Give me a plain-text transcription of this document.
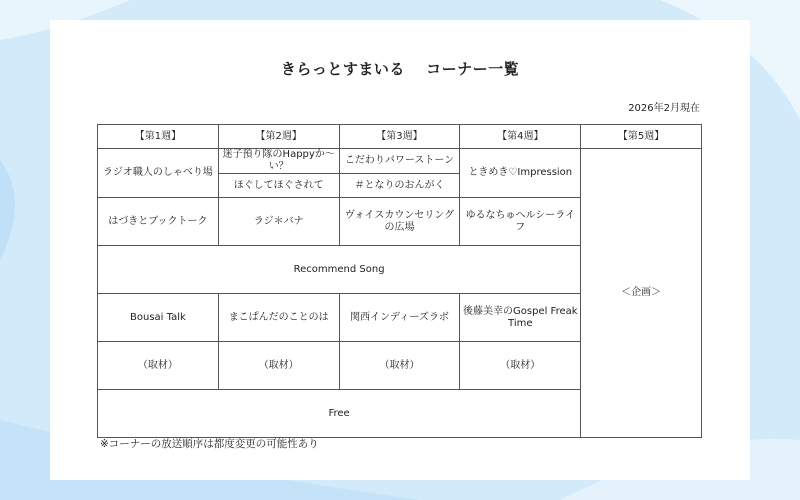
きらっとすまいる　 コーナー一覧
2026年2月現在
【第1週】	【第2週】	【第3週】	【第4週】	【第5週】
ラジオ職人のしゃべり場	迷子預り隊のHappyか～い？	こだわりパワーストーン	ときめき♡Impression	＜企画＞
	ほぐしてほぐされて	＃となりのおんがく		
はづきとブックトーク	ラジ＊バナ	ヴォイスカウンセリングの広場	ゆるなちゅヘルシーライフ	
Recommend Song				
Bousai Talk	まこぱんだのことのは	関西インディーズラボ	後藤美幸のGospel Freak Time	
（取材）	（取材）	（取材）	（取材）	
Free				
※コーナーの放送順序は都度変更の可能性あり
